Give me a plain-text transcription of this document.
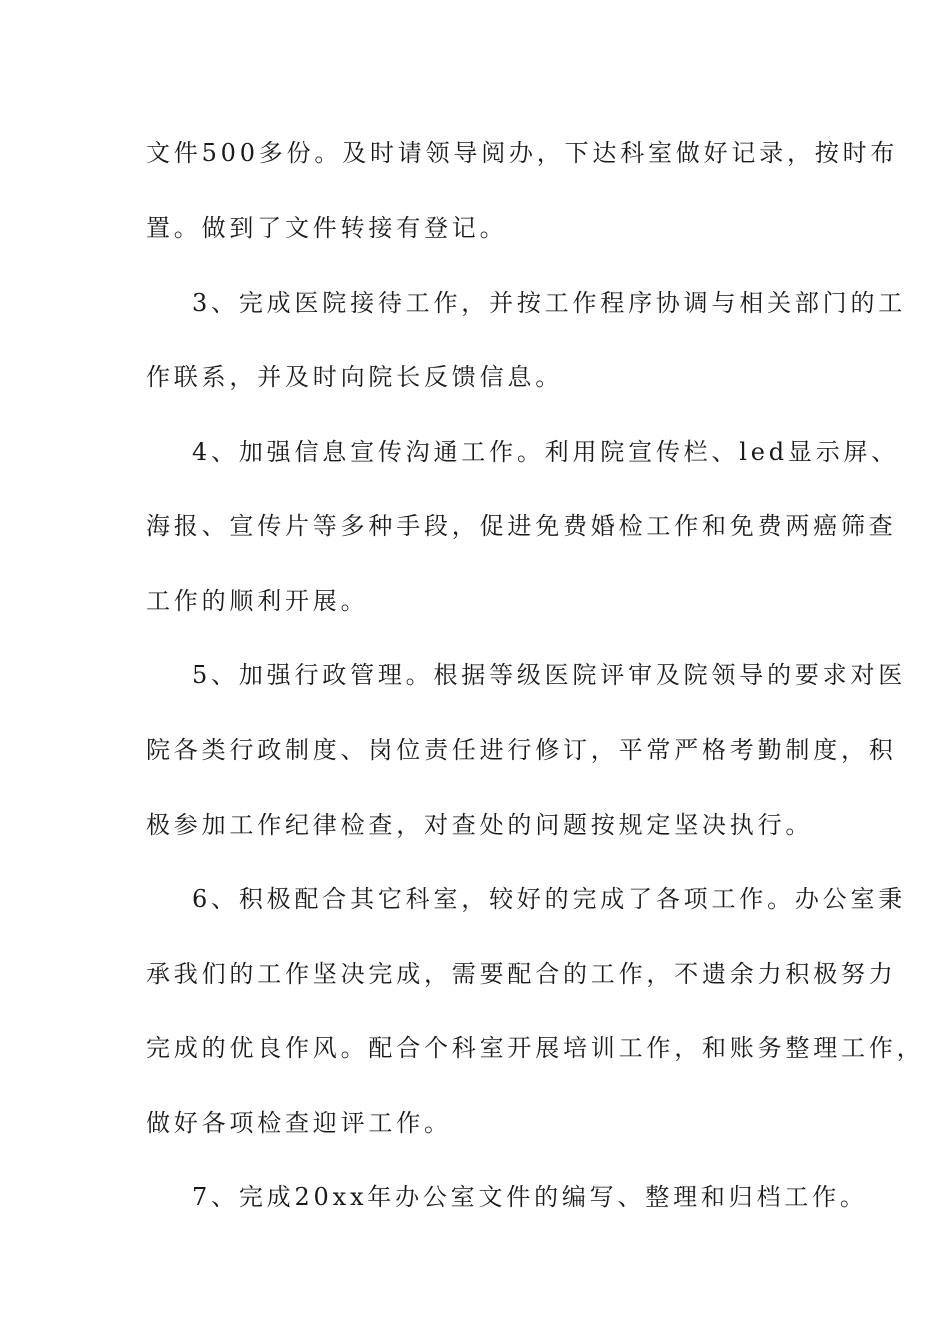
文件500多份。及时请领导阅办，下达科室做好记录，按时布
置。做到了文件转接有登记。
3、完成医院接待工作，并按工作程序协调与相关部门的工
作联系，并及时向院长反馈信息。
4、加强信息宣传沟通工作。利用院宣传栏、led显示屏、
海报、宣传片等多种手段，促进免费婚检工作和免费两癌筛查
工作的顺利开展。
5、加强行政管理。根据等级医院评审及院领导的要求对医
院各类行政制度、岗位责任进行修订，平常严格考勤制度，积
极参加工作纪律检查，对查处的问题按规定坚决执行。
6、积极配合其它科室，较好的完成了各项工作。办公室秉
承我们的工作坚决完成，需要配合的工作，不遗余力积极努力
完成的优良作风。配合个科室开展培训工作，和账务整理工作，
做好各项检查迎评工作。
7、完成20xx年办公室文件的编写、整理和归档工作。
